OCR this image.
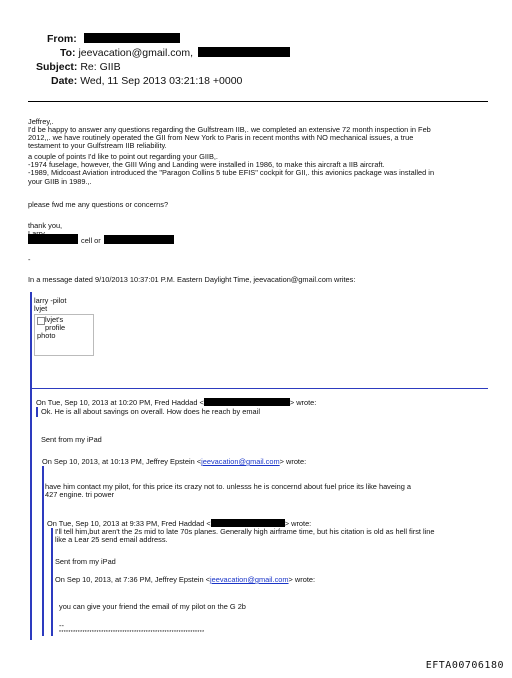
From:
To: jeevacation@gmail.com,
Subject: Re: GIIB
Date: Wed, 11 Sep 2013 03:21:18 +0000
Jeffrey,.
I'd be happy to answer any questions regarding the Gulfstream IIB,. we completed an extensive 72 month inspection in Feb
2012,,. we have routinely operated the GII from New York to Paris in recent months with NO mechanical issues, a true
testament to your Gulfstream IIB reliability.
a couple of points I'd like to point out regarding your GIIB,.
-1974 fuselage, however, the GIII Wing and Landing were installed in 1986, to make this aircraft a IIB aircraft.
-1989, Midcoast Aviation introduced the "Paragon Collins 5 tube EFIS" cockpit for GII,. this avionics package was installed in
your GIIB in 1989.,.
please fwd me any questions or concerns?
thank you,
cell or
-
In a message dated 9/10/2013 10:37:01 P.M. Eastern Daylight Time, jeevacation@gmail.com writes:
larry -pilot
lvjet
lvjet's
profile
photo
On Tue, Sep 10, 2013 at 10:20 PM, Fred Haddad <	> wrote:
Ok. He is all about savings on overall. How does he reach by email
Sent from my iPad
On Sep 10, 2013, at 10:13 PM, Jeffrey Epstein <jeevacation@gmail.com> wrote:
have him contact my pilot, for this price its crazy not to. unlesss he is concernd about fuel price its like haveing a
427 engine. tri power
On Tue, Sep 10, 2013 at 9:33 PM, Fred Haddad <	> wrote:
I'll tell him,but aren't the 2s mid to late 70s planes. Generally high airframe time, but his citation is old as hell first line
like a Lear 25 send email address.
Sent from my iPad
On Sep 10, 2013, at 7:36 PM, Jeffrey Epstein <jeevacation@gmail.com> wrote:
you can give your friend the email of my pilot on the G 2b
--
**************************************************************
EFTA00706180
